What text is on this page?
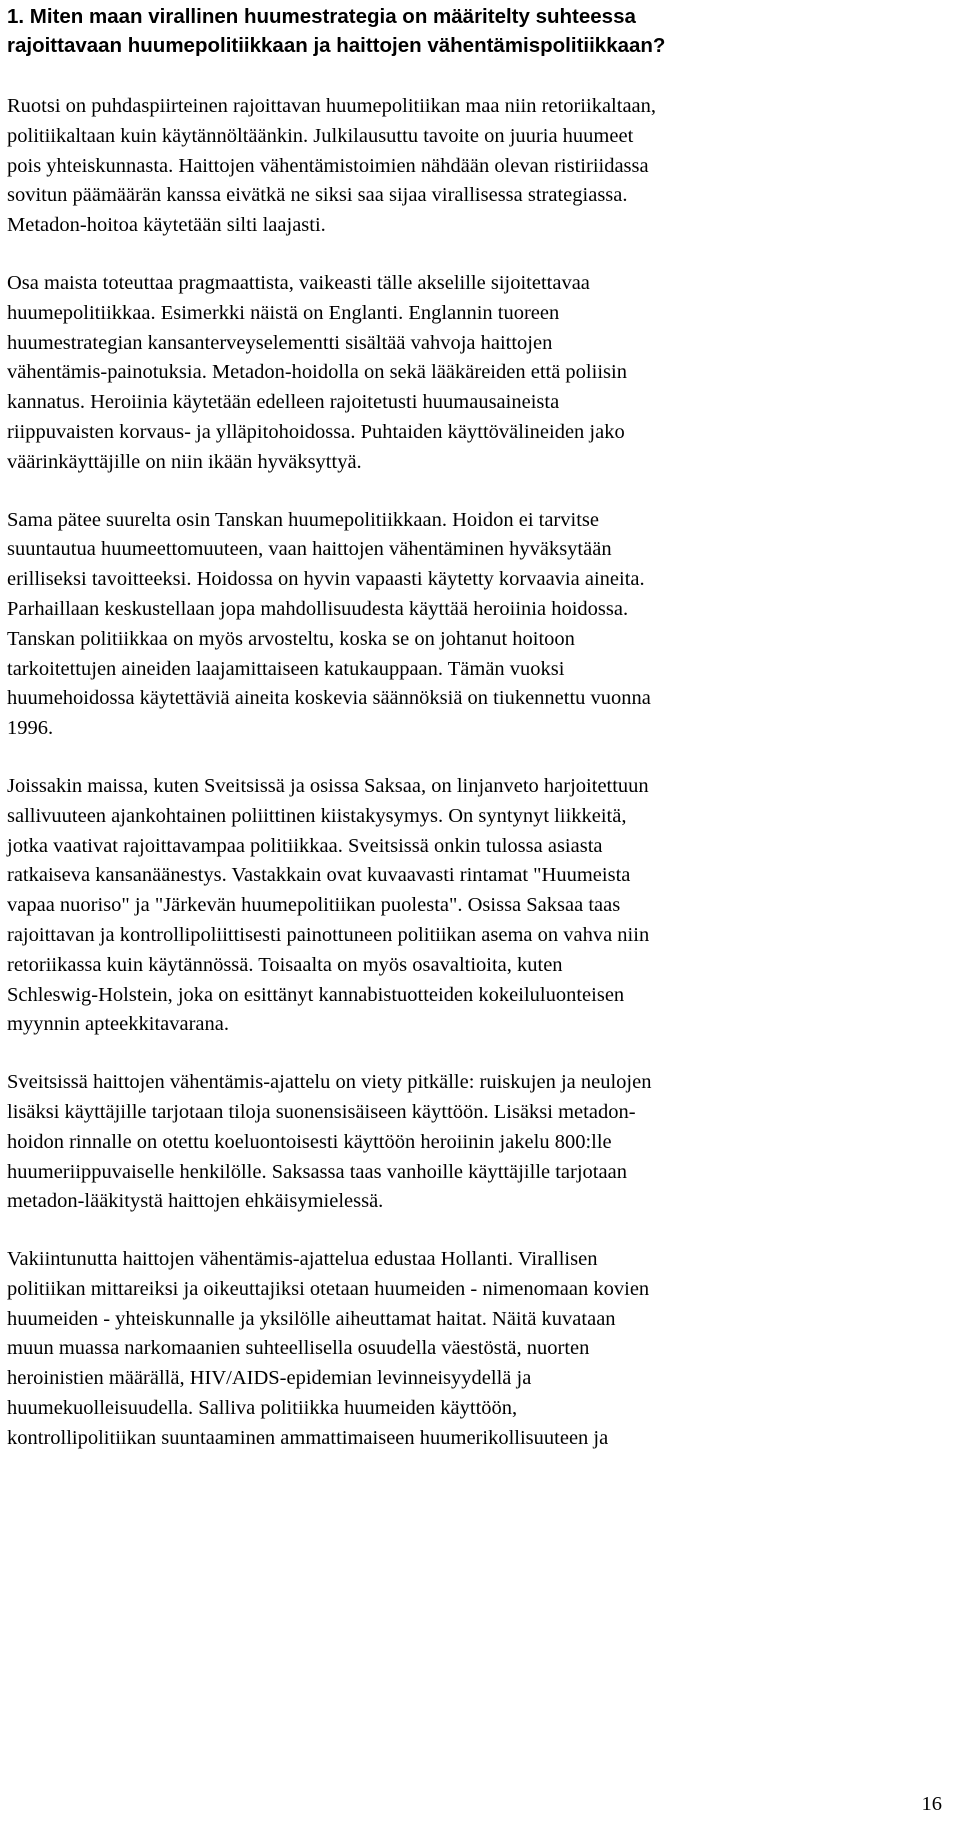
1. Miten maan virallinen huumestrategia on määritelty suhteessa
rajoittavaan huumepolitiikkaan ja haittojen vähentämispolitiikkaan?

Ruotsi on puhdaspiirteinen rajoittavan huumepolitiikan maa niin retoriikaltaan,
politiikaltaan kuin käytännöltäänkin. Julkilausuttu tavoite on juuria huumeet
pois yhteiskunnasta. Haittojen vähentämistoimien nähdään olevan ristiriidassa
sovitun päämäärän kanssa eivätkä ne siksi saa sijaa virallisessa strategiassa.
Metadon-hoitoa käytetään silti laajasti.

Osa maista toteuttaa pragmaattista, vaikeasti tälle akselille sijoitettavaa
huumepolitiikkaa. Esimerkki näistä on Englanti. Englannin tuoreen
huumestrategian kansanterveyselementti sisältää vahvoja haittojen
vähentämis-painotuksia. Metadon-hoidolla on sekä lääkäreiden että poliisin
kannatus. Heroiinia käytetään edelleen rajoitetusti huumausaineista
riippuvaisten korvaus- ja ylläpitohoidossa. Puhtaiden käyttövälineiden jako
väärinkäyttäjille on niin ikään hyväksyttyä.

Sama pätee suurelta osin Tanskan huumepolitiikkaan. Hoidon ei tarvitse
suuntautua huumeettomuuteen, vaan haittojen vähentäminen hyväksytään
erilliseksi tavoitteeksi. Hoidossa on hyvin vapaasti käytetty korvaavia aineita.
Parhaillaan keskustellaan jopa mahdollisuudesta käyttää heroiinia hoidossa.
Tanskan politiikkaa on myös arvosteltu, koska se on johtanut hoitoon
tarkoitettujen aineiden laajamittaiseen katukauppaan. Tämän vuoksi
huumehoidossa käytettäviä aineita koskevia säännöksiä on tiukennettu vuonna
1996.

Joissakin maissa, kuten Sveitsissä ja osissa Saksaa, on linjanveto harjoitettuun
sallivuuteen ajankohtainen poliittinen kiistakysymys. On syntynyt liikkeitä,
jotka vaativat rajoittavampaa politiikkaa. Sveitsissä onkin tulossa asiasta
ratkaiseva kansanäänestys. Vastakkain ovat kuvaavasti rintamat "Huumeista
vapaa nuoriso" ja "Järkevän huumepolitiikan puolesta". Osissa Saksaa taas
rajoittavan ja kontrollipoliittisesti painottuneen politiikan asema on vahva niin
retoriikassa kuin käytännössä. Toisaalta on myös osavaltioita, kuten
Schleswig-Holstein, joka on esittänyt kannabistuotteiden kokeiluluonteisen
myynnin apteekkitavarana.

Sveitsissä haittojen vähentämis-ajattelu on viety pitkälle: ruiskujen ja neulojen
lisäksi käyttäjille tarjotaan tiloja suonensisäiseen käyttöön. Lisäksi metadon-
hoidon rinnalle on otettu koeluontoisesti käyttöön heroiinin jakelu 800:lle
huumeriippuvaiselle henkilölle. Saksassa taas vanhoille käyttäjille tarjotaan
metadon-lääkitystä haittojen ehkäisymielessä.

Vakiintunutta haittojen vähentämis-ajattelua edustaa Hollanti. Virallisen
politiikan mittareiksi ja oikeuttajiksi otetaan huumeiden - nimenomaan kovien
huumeiden - yhteiskunnalle ja yksilölle aiheuttamat haitat. Näitä kuvataan
muun muassa narkomaanien suhteellisella osuudella väestöstä, nuorten
heroinistien määrällä, HIV/AIDS-epidemian levinneisyydellä ja
huumekuolleisuudella. Salliva politiikka huumeiden käyttöön,
kontrollipolitiikan suuntaaminen ammattimaiseen huumerikollisuuteen ja

16
